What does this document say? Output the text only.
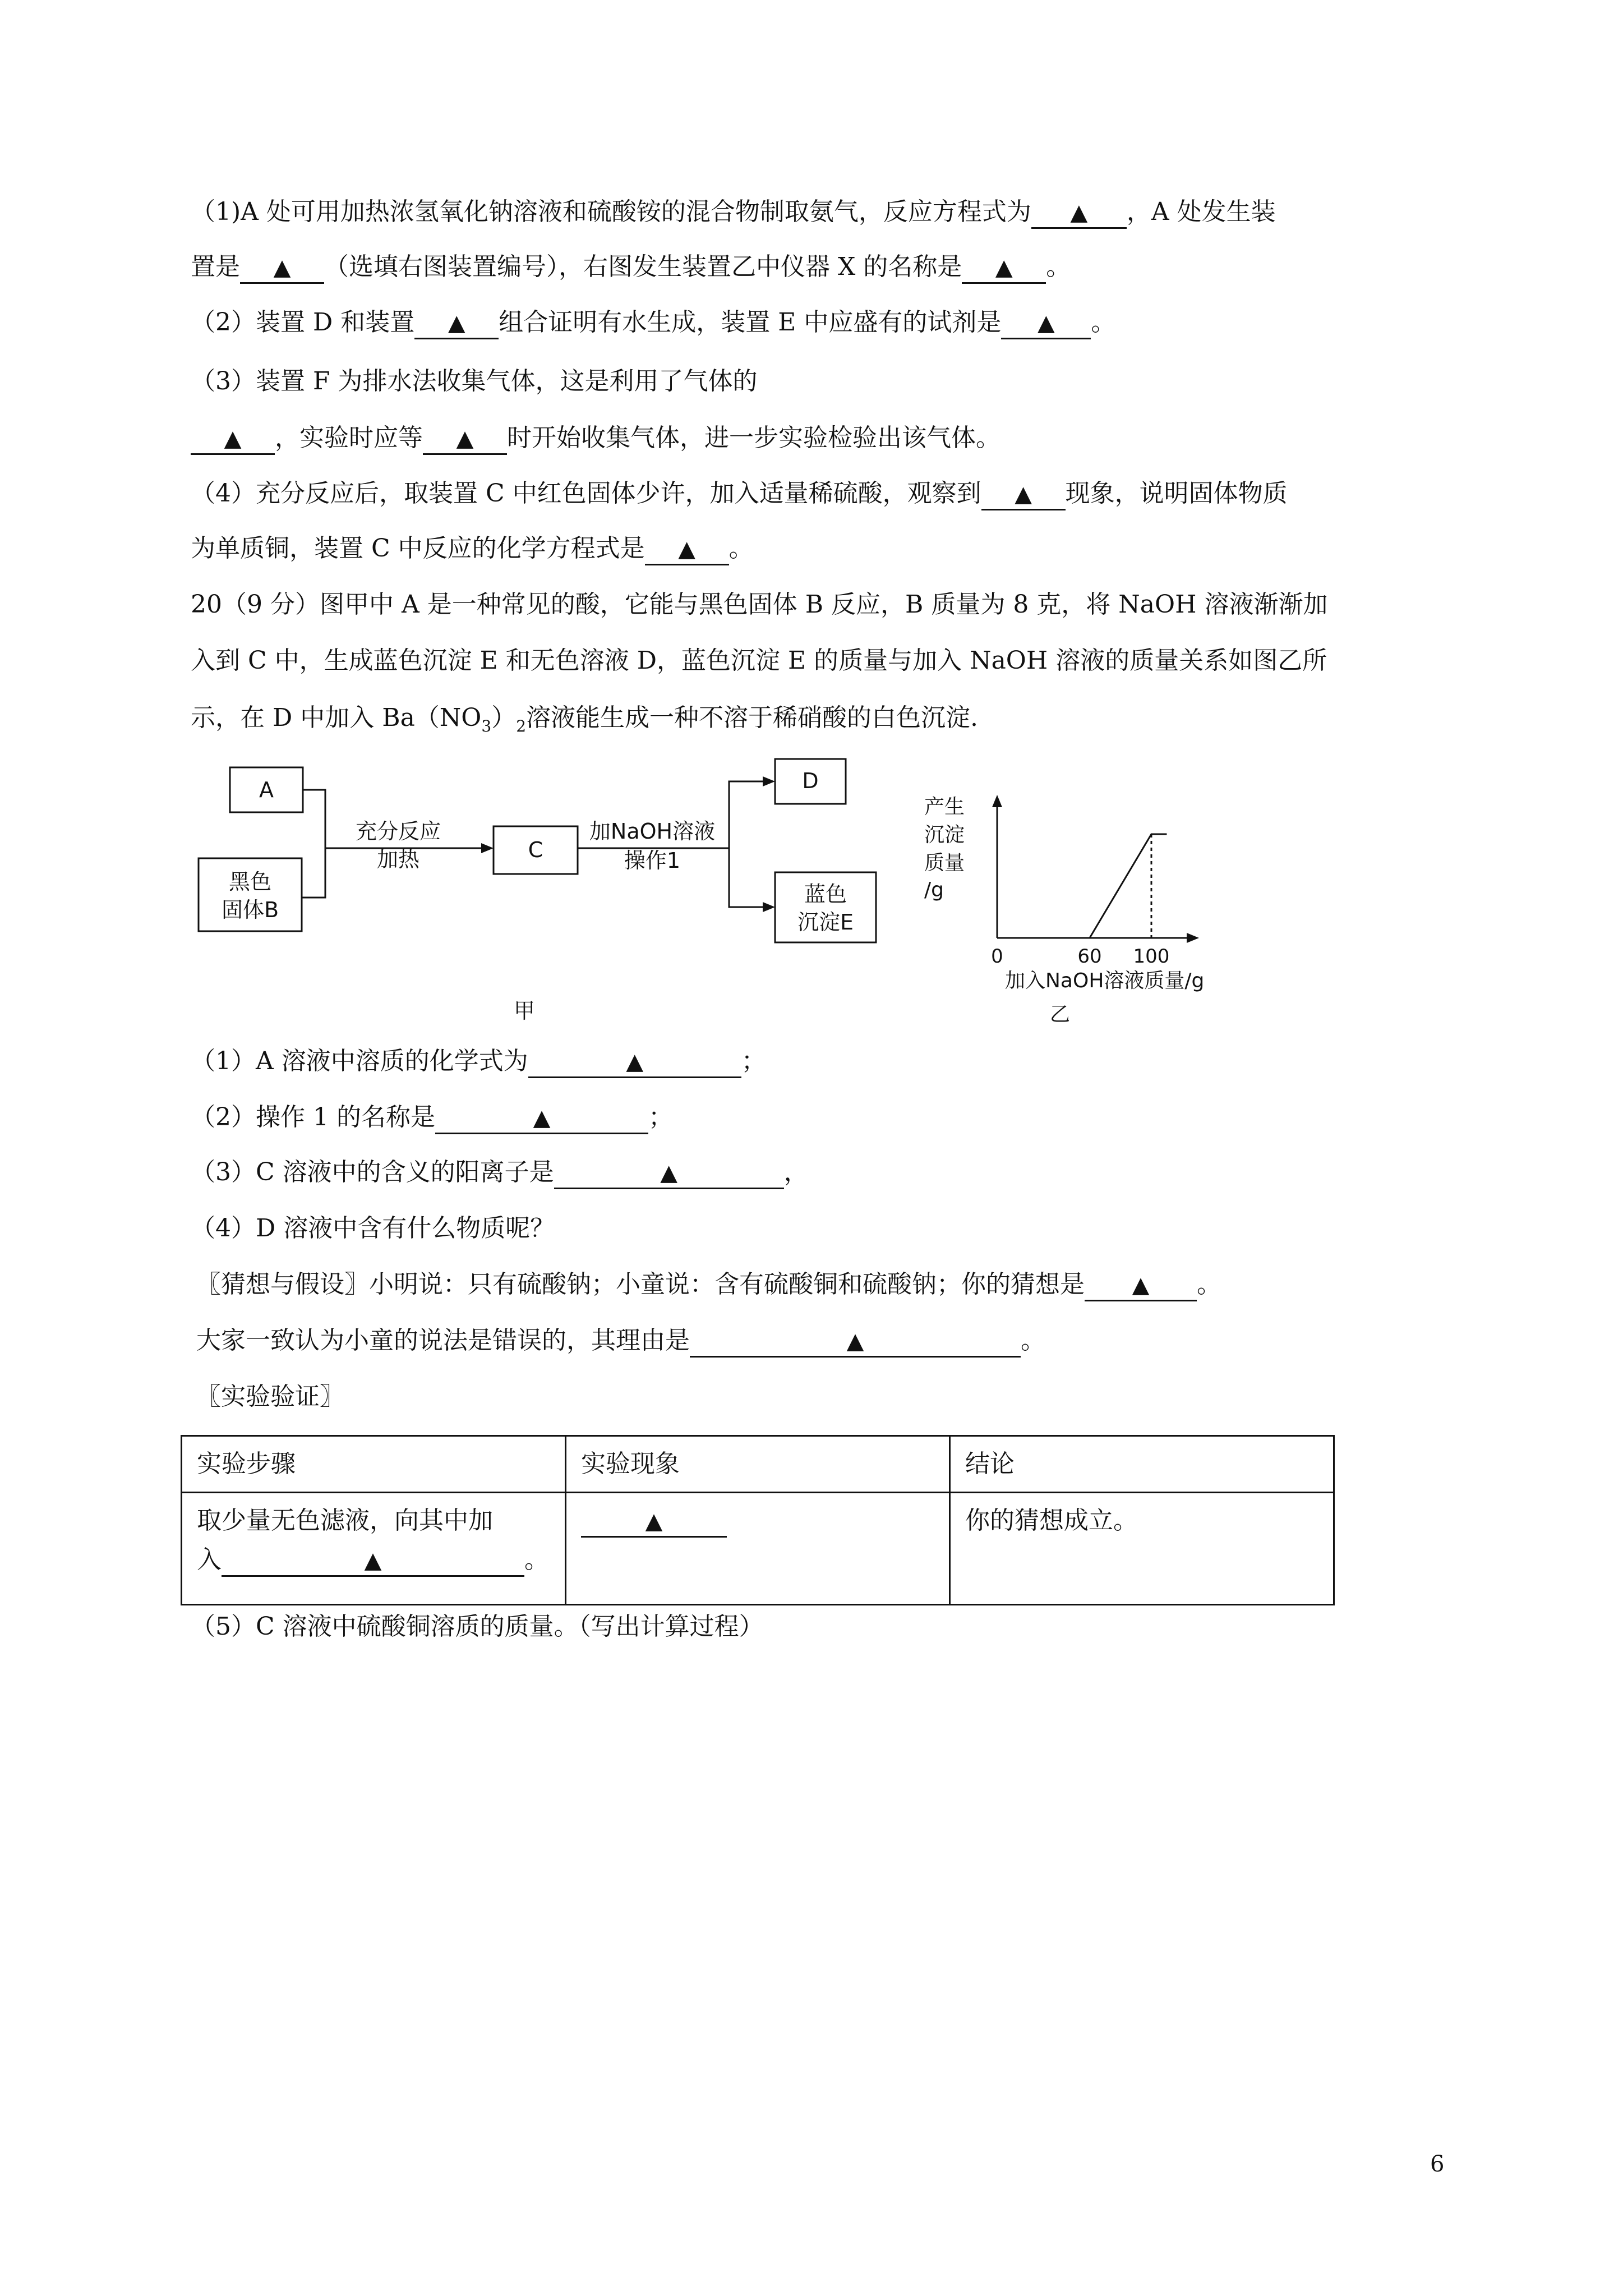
（1)A 处可用加热浓氢氧化钠溶液和硫酸铵的混合物制取氨气，反应方程式为 ▲ ，A 处发生装
置是 ▲ （选填右图装置编号），右图发生装置乙中仪器 X 的名称是 ▲ 。
（2）装置 D 和装置 ▲ 组合证明有水生成，装置 E 中应盛有的试剂是 ▲ 。
（3）装置 F 为排水法收集气体，这是利用了气体的
▲ ，实验时应等 ▲ 时开始收集气体，进一步实验检验出该气体。
（4）充分反应后，取装置 C 中红色固体少许，加入适量稀硫酸，观察到 ▲ 现象，说明固体物质
为单质铜，装置 C 中反应的化学方程式是 ▲ 。
20（9 分）图甲中 A 是一种常见的酸，它能与黑色固体 B 反应，B 质量为 8 克，将 NaOH 溶液渐渐加
入到 C 中，生成蓝色沉淀 E 和无色溶液 D，蓝色沉淀 E 的质量与加入 NaOH 溶液的质量关系如图乙所
示，在 D 中加入 $Ba(NO_3)_2$溶液能生成一种不溶于稀硝酸的白色沉淀.
A
黑色
固体B
充分反应
加热	C
加NaOH溶液
操作1
D
蓝色
沉淀E
甲
产生
沉淀
质量
/g
加入NaOH溶液质量/g
乙
0	60 100
（1）A 溶液中溶质的化学式为	▲	；
（2）操作 1 的名称是	▲	；
（3）C 溶液中的含义的阳离子是	▲	，
（4）D 溶液中含有什么物质呢？
〖猜想与假设〗小明说：只有硫酸钠；小童说：含有硫酸铜和硫酸钠；你的猜想是 ▲ 。
大家一致认为小童的说法是错误的，其理由是	▲	。
〖实验验证〗
实验步骤	实验现象	结论

取少量无色滤液，向其中加
入 ▲ 。	▲	你的猜想成立。
（5）C 溶液中硫酸铜溶质的质量。（写出计算过程）
6
